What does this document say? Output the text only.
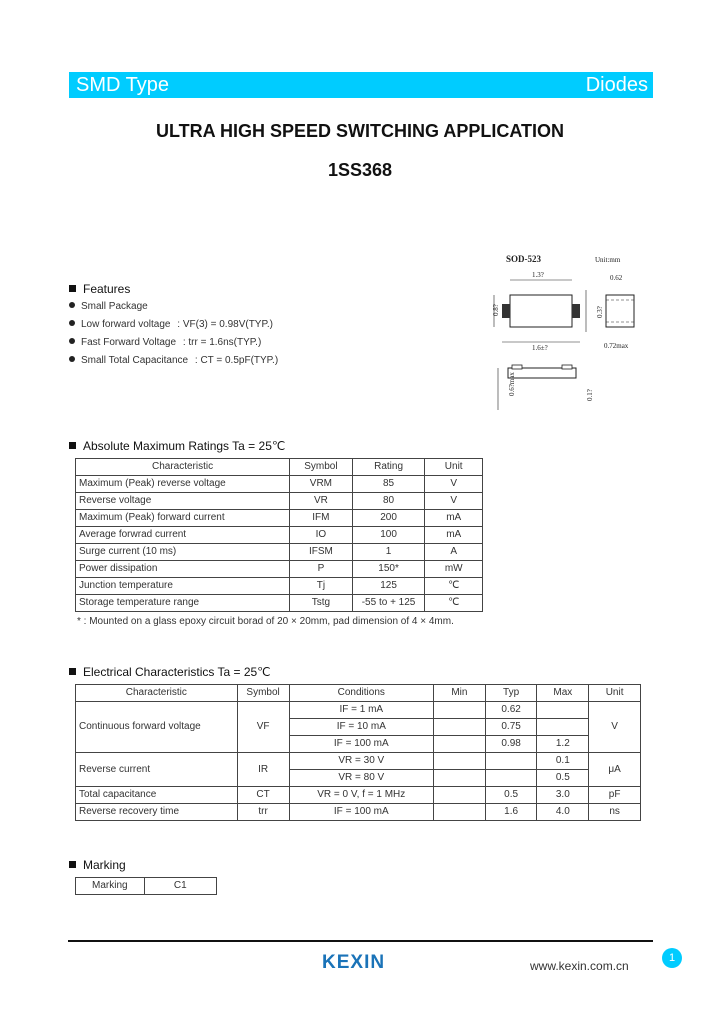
SMD Type	Diodes
ULTRA HIGH SPEED SWITCHING APPLICATION
1SS368
SOD-523	Unit:mm
1.3?
1.6±?
0.8?	0.3?
0.62
0.72max
0.6?max	0.1?
Features
Small Package
Low forward voltage : VF(3) = 0.98V(TYP.)
Fast Forward Voltage : trr = 1.6ns(TYP.)
Small Total Capacitance : CT = 0.5pF(TYP.)
Absolute Maximum Ratings Ta = 25℃
Characteristic	Symbol	Rating	Unit
Maximum (Peak) reverse voltage	VRM	85	V
Reverse voltage	VR	80	V
Maximum (Peak) forward current	IFM	200	mA
Average forwrad current	IO	100	mA
Surge current (10 ms)	IFSM	1	A
Power dissipation	P	150*	mW
Junction temperature	Tj	125	℃
Storage temperature range	Tstg	-55 to + 125	℃
* : Mounted on a glass epoxy circuit borad of 20 × 20mm, pad dimension of 4 × 4mm.
Electrical Characteristics Ta = 25℃
Characteristic	Symbol	Conditions	Min	Typ	Max	Unit
Continuous forward voltage	VF	IF = 1 mA		0.62		V
		IF = 10 mA		0.75		
		IF = 100 mA		0.98	1.2	
Reverse current	IR	VR = 30 V			0.1	μA
		VR = 80 V			0.5	
Total capacitance	CT	VR = 0 V, f = 1 MHz		0.5	3.0	pF
Reverse recovery time	trr	IF = 100 mA		1.6	4.0	ns
Marking
Marking	C1
KEXIN	www.kexin.com.cn
1
